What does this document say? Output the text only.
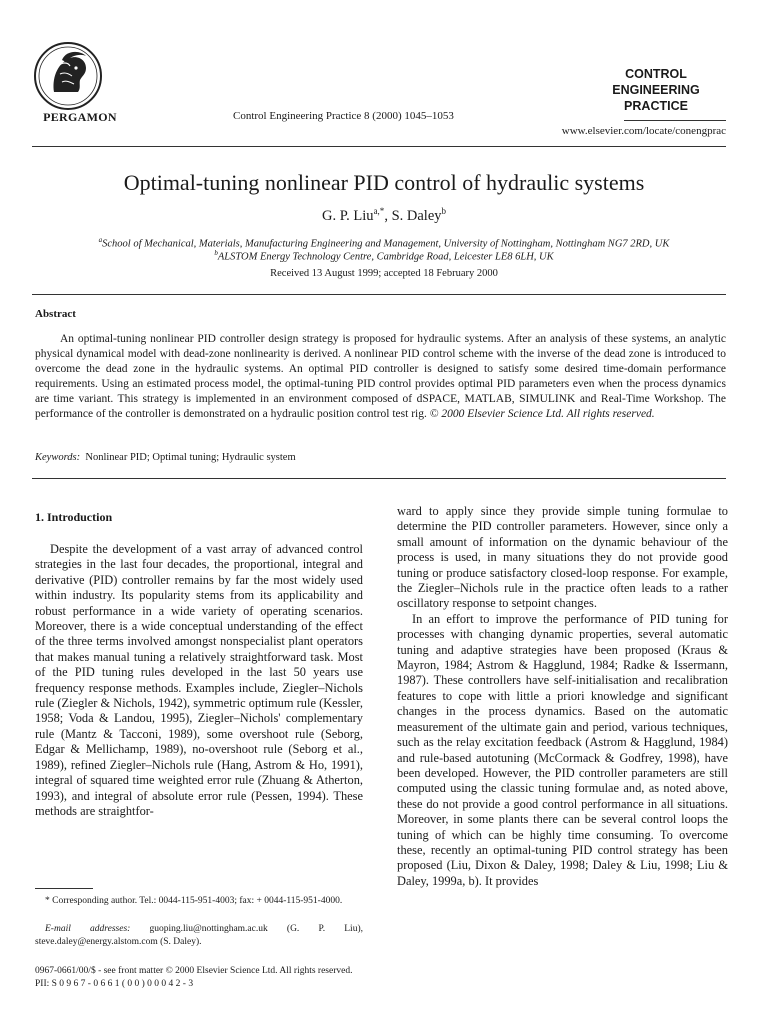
PERGAMON	Control Engineering Practice 8 (2000) 1045–1053
CONTROL ENGINEERING
PRACTICE
www.elsevier.com/locate/conengprac
Optimal-tuning nonlinear PID control of hydraulic systems
G. P. Liu$^{a,*}$, S. Daley$^b$
$^a$School of Mechanical, Materials, Manufacturing Engineering and Management, University of Nottingham, Nottingham NG7 2RD, UK
$^b$ALSTOM Energy Technology Centre, Cambridge Road, Leicester LE8 6LH, UK
Received 13 August 1999; accepted 18 February 2000
Abstract

An optimal-tuning nonlinear PID controller design strategy is proposed for hydraulic systems. After an analysis of these systems, an analytic physical dynamical model with dead-zone nonlinearity is derived. A nonlinear PID control scheme with the inverse of the dead zone is introduced to overcome the dead zone in the hydraulic systems. An optimal PID controller is designed to satisfy some desired time-domain performance requirements. Using an estimated process model, the optimal-tuning PID control provides optimal PID parameters even when the process dynamics are time variant. This strategy is implemented in an environment composed of dSPACE, MATLAB, SIMULINK and Real-Time Workshop. The performance of the controller is demonstrated on a hydraulic position control test rig. © 2000 Elsevier Science Ltd. All rights reserved.

Keywords: Nonlinear PID; Optimal tuning; Hydraulic system
1. Introduction

Despite the development of a vast array of advanced control strategies in the last four decades, the proportional, integral and derivative (PID) controller remains by far the most widely used within industry. Its popularity stems from its applicability and robust performance in a wide variety of operating scenarios. Moreover, there is a wide conceptual understanding of the effect of the three terms involved amongst nonspecialist plant operators that makes manual tuning a relatively straightforward task. Most of the PID tuning rules developed in the last 50 years use frequency response methods. Examples include, Ziegler–Nichols rule (Ziegler & Nichols, 1942), symmetric optimum rule (Kessler, 1958; Voda & Landou, 1995), Ziegler–Nichols' complementary rule (Mantz & Tacconi, 1989), some overshoot rule (Seborg, Edgar & Mellichamp, 1989), no-overshoot rule (Seborg et al., 1989), refined Ziegler–Nichols rule (Hang, Astrom & Ho, 1991), integral of squared time weighted error rule (Zhuang & Atherton, 1993), and integral of absolute error rule (Pessen, 1994). These methods are straightfor-

ward to apply since they provide simple tuning formulae to determine the PID controller parameters. However, since only a small amount of information on the dynamic behaviour of the process is used, in many situations they do not provide good tuning or produce satisfactory closed-loop response. For example, the Ziegler–Nichols rule in the practice often leads to a rather oscillatory response to setpoint changes.

In an effort to improve the performance of PID tuning for processes with changing dynamic properties, several automatic tuning and adaptive strategies have been proposed (Kraus & Mayron, 1984; Astrom & Hagglund, 1984; Radke & Issermann, 1987). These controllers have self-initialisation and recalibration features to cope with little a priori knowledge and significant changes in the process dynamics. Based on the automatic measurement of the ultimate gain and period, various techniques, such as the relay excitation feedback (Astrom & Hagglund, 1984) and rule-based autotuning (McCormack & Godfrey, 1998), have been developed. However, the PID controller parameters are still computed using the classic tuning formulae and, as noted above, these do not provide a good control performance in all situations. Moreover, in some plants there can be several control loops the tuning of which can be highly time consuming. To overcome these, recently an optimal-tuning PID control strategy has been proposed (Liu, Dixon & Daley, 1998; Daley & Liu, 1998; Liu & Daley, 1999a, b). It provides

* Corresponding author. Tel.: 0044-115-951-4003; fax: + 0044-115-951-4000.

E-mail addresses: guoping.liu@nottingham.ac.uk (G. P. Liu), steve.daley@energy.alstom.com (S. Daley).

0967-0661/00/$ - see front matter © 2000 Elsevier Science Ltd. All rights reserved.
PII: S 0 9 6 7 - 0 6 6 1 ( 0 0 ) 0 0 0 4 2 - 3
